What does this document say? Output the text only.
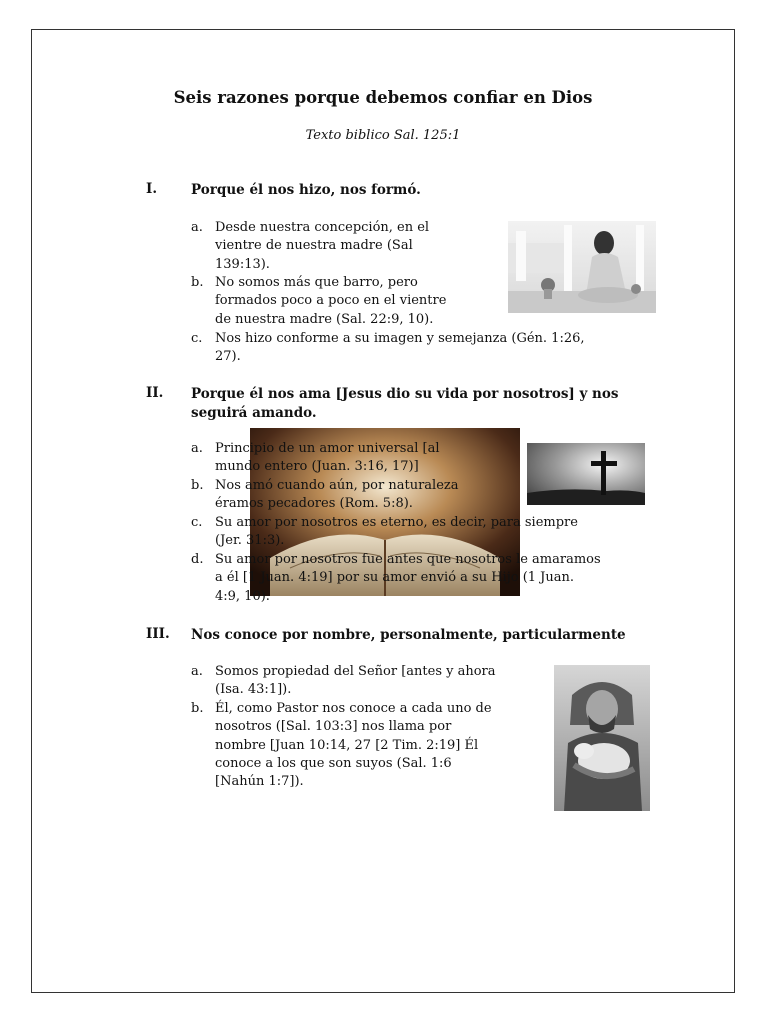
Seis razones porque debemos confiar en Dios
Texto biblico Sal. 125:1
I.	Porque él nos hizo, nos formó.
a. Desde nuestra concepción, en el
vientre de nuestra madre (Sal
139:13).
b. No somos más que barro, pero
formados poco a poco en el vientre
de nuestra madre (Sal. 22:9, 10).
c. Nos hizo conforme a su imagen y semejanza (Gén. 1:26,
27).
II. Porque él nos ama [Jesus dio su vida por nosotros] y nos
seguirá amando.
a. Principio de un amor universal [al
mundo entero (Juan. 3:16, 17)]
b. Nos amó cuando aún, por naturaleza
éramos pecadores (Rom. 5:8).
c. Su amor por nosotros es eterno, es decir, para siempre
(Jer. 31:3).
d. Su amor por nosotros fue antes que nosotros le amaramos
a él [1 Juan. 4:19] por su amor envió a su Hijo (1 Juan.
4:9, 10).
III. Nos conoce por nombre, personalmente, particularmente
a. Somos propiedad del Señor [antes y ahora
(Isa. 43:1]).
b. Él, como Pastor nos conoce a cada uno de
nosotros ([Sal. 103:3] nos llama por
nombre [Juan 10:14, 27 [2 Tim. 2:19] Él
conoce a los que son suyos (Sal. 1:6
[Nahún 1:7]).
